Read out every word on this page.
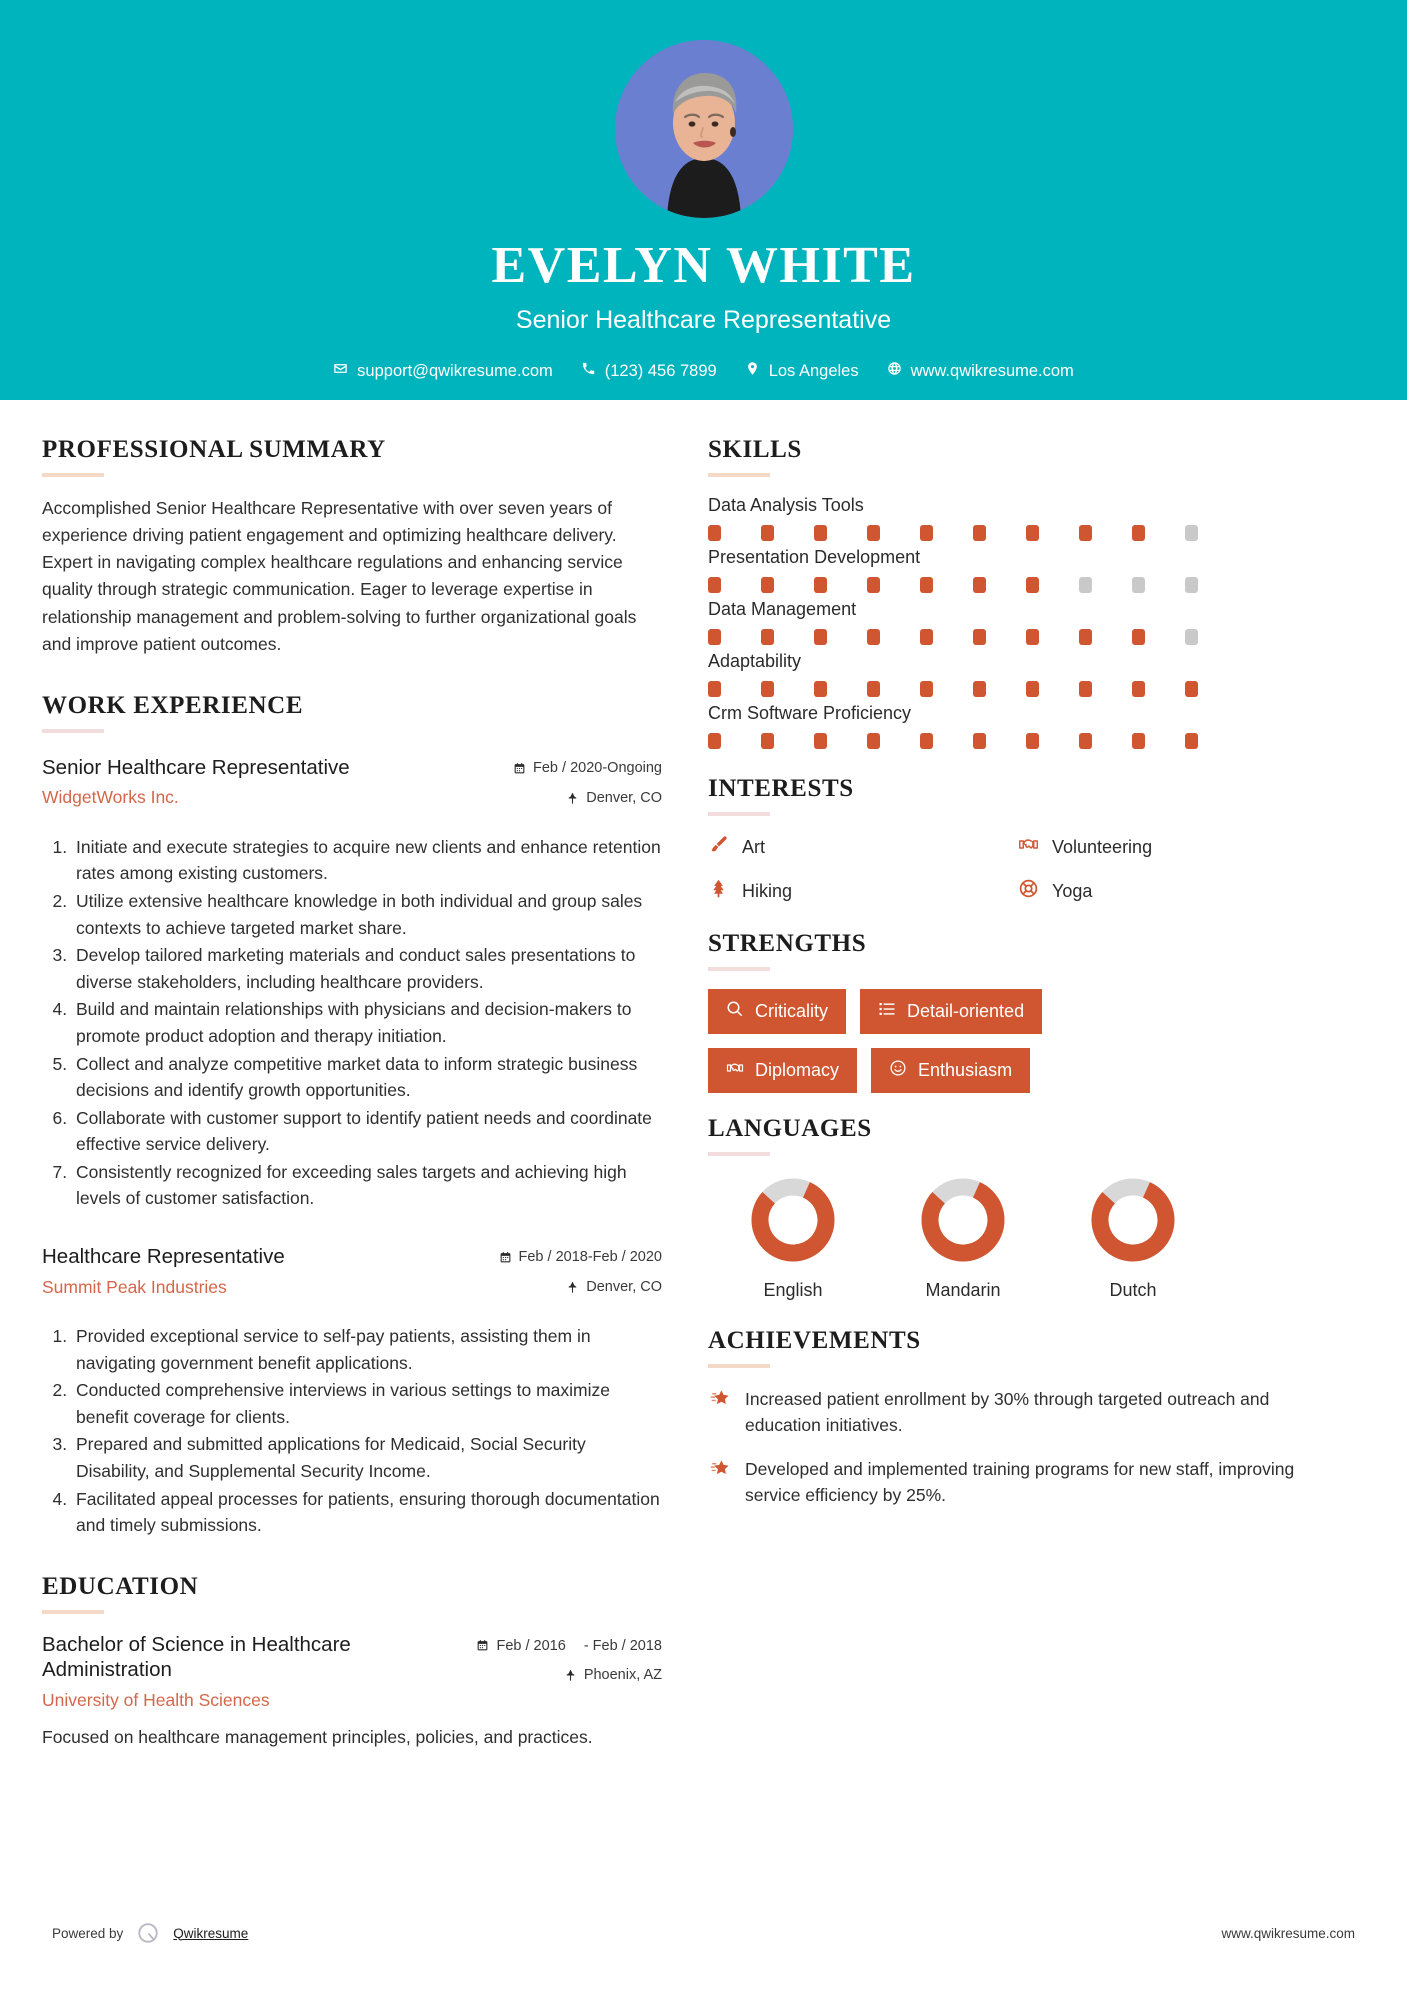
EVELYN WHITE
Senior Healthcare Representative
support@qwikresume.com	(123) 456 7899	Los Angeles	www.qwikresume.com
PROFESSIONAL SUMMARY
Accomplished Senior Healthcare Representative with over seven years of experience driving patient engagement and optimizing healthcare delivery. Expert in navigating complex healthcare regulations and enhancing service quality through strategic communication. Eager to leverage expertise in relationship management and problem-solving to further organizational goals and improve patient outcomes.
WORK EXPERIENCE
Senior Healthcare Representative
WidgetWorks Inc.
Feb / 2020-Ongoing
Denver, CO
1. Initiate and execute strategies to acquire new clients and enhance retention rates among existing customers.
2. Utilize extensive healthcare knowledge in both individual and group sales contexts to achieve targeted market share.
3. Develop tailored marketing materials and conduct sales presentations to diverse stakeholders, including healthcare providers.
4. Build and maintain relationships with physicians and decision-makers to promote product adoption and therapy initiation.
5. Collect and analyze competitive market data to inform strategic business decisions and identify growth opportunities.
6. Collaborate with customer support to identify patient needs and coordinate effective service delivery.
7. Consistently recognized for exceeding sales targets and achieving high levels of customer satisfaction.
Healthcare Representative
Summit Peak Industries
Feb / 2018-Feb / 2020
Denver, CO
1. Provided exceptional service to self-pay patients, assisting them in navigating government benefit applications.
2. Conducted comprehensive interviews in various settings to maximize benefit coverage for clients.
3. Prepared and submitted applications for Medicaid, Social Security Disability, and Supplemental Security Income.
4. Facilitated appeal processes for patients, ensuring thorough documentation and timely submissions.
EDUCATION
Bachelor of Science in Healthcare Administration
University of Health Sciences
Feb / 2016 - Feb / 2018
Phoenix, AZ
Focused on healthcare management principles, policies, and practices.
SKILLS
Data Analysis Tools
Presentation Development
Data Management
Adaptability
Crm Software Proficiency
INTERESTS
Art	Volunteering
Hiking	Yoga
STRENGTHS
Criticality	Detail-oriented
Diplomacy	Enthusiasm
LANGUAGES
English	Mandarin	Dutch
ACHIEVEMENTS
Increased patient enrollment by 30% through targeted outreach and education initiatives.
Developed and implemented training programs for new staff, improving service efficiency by 25%.
Powered by	Qwikresume	www.qwikresume.com
